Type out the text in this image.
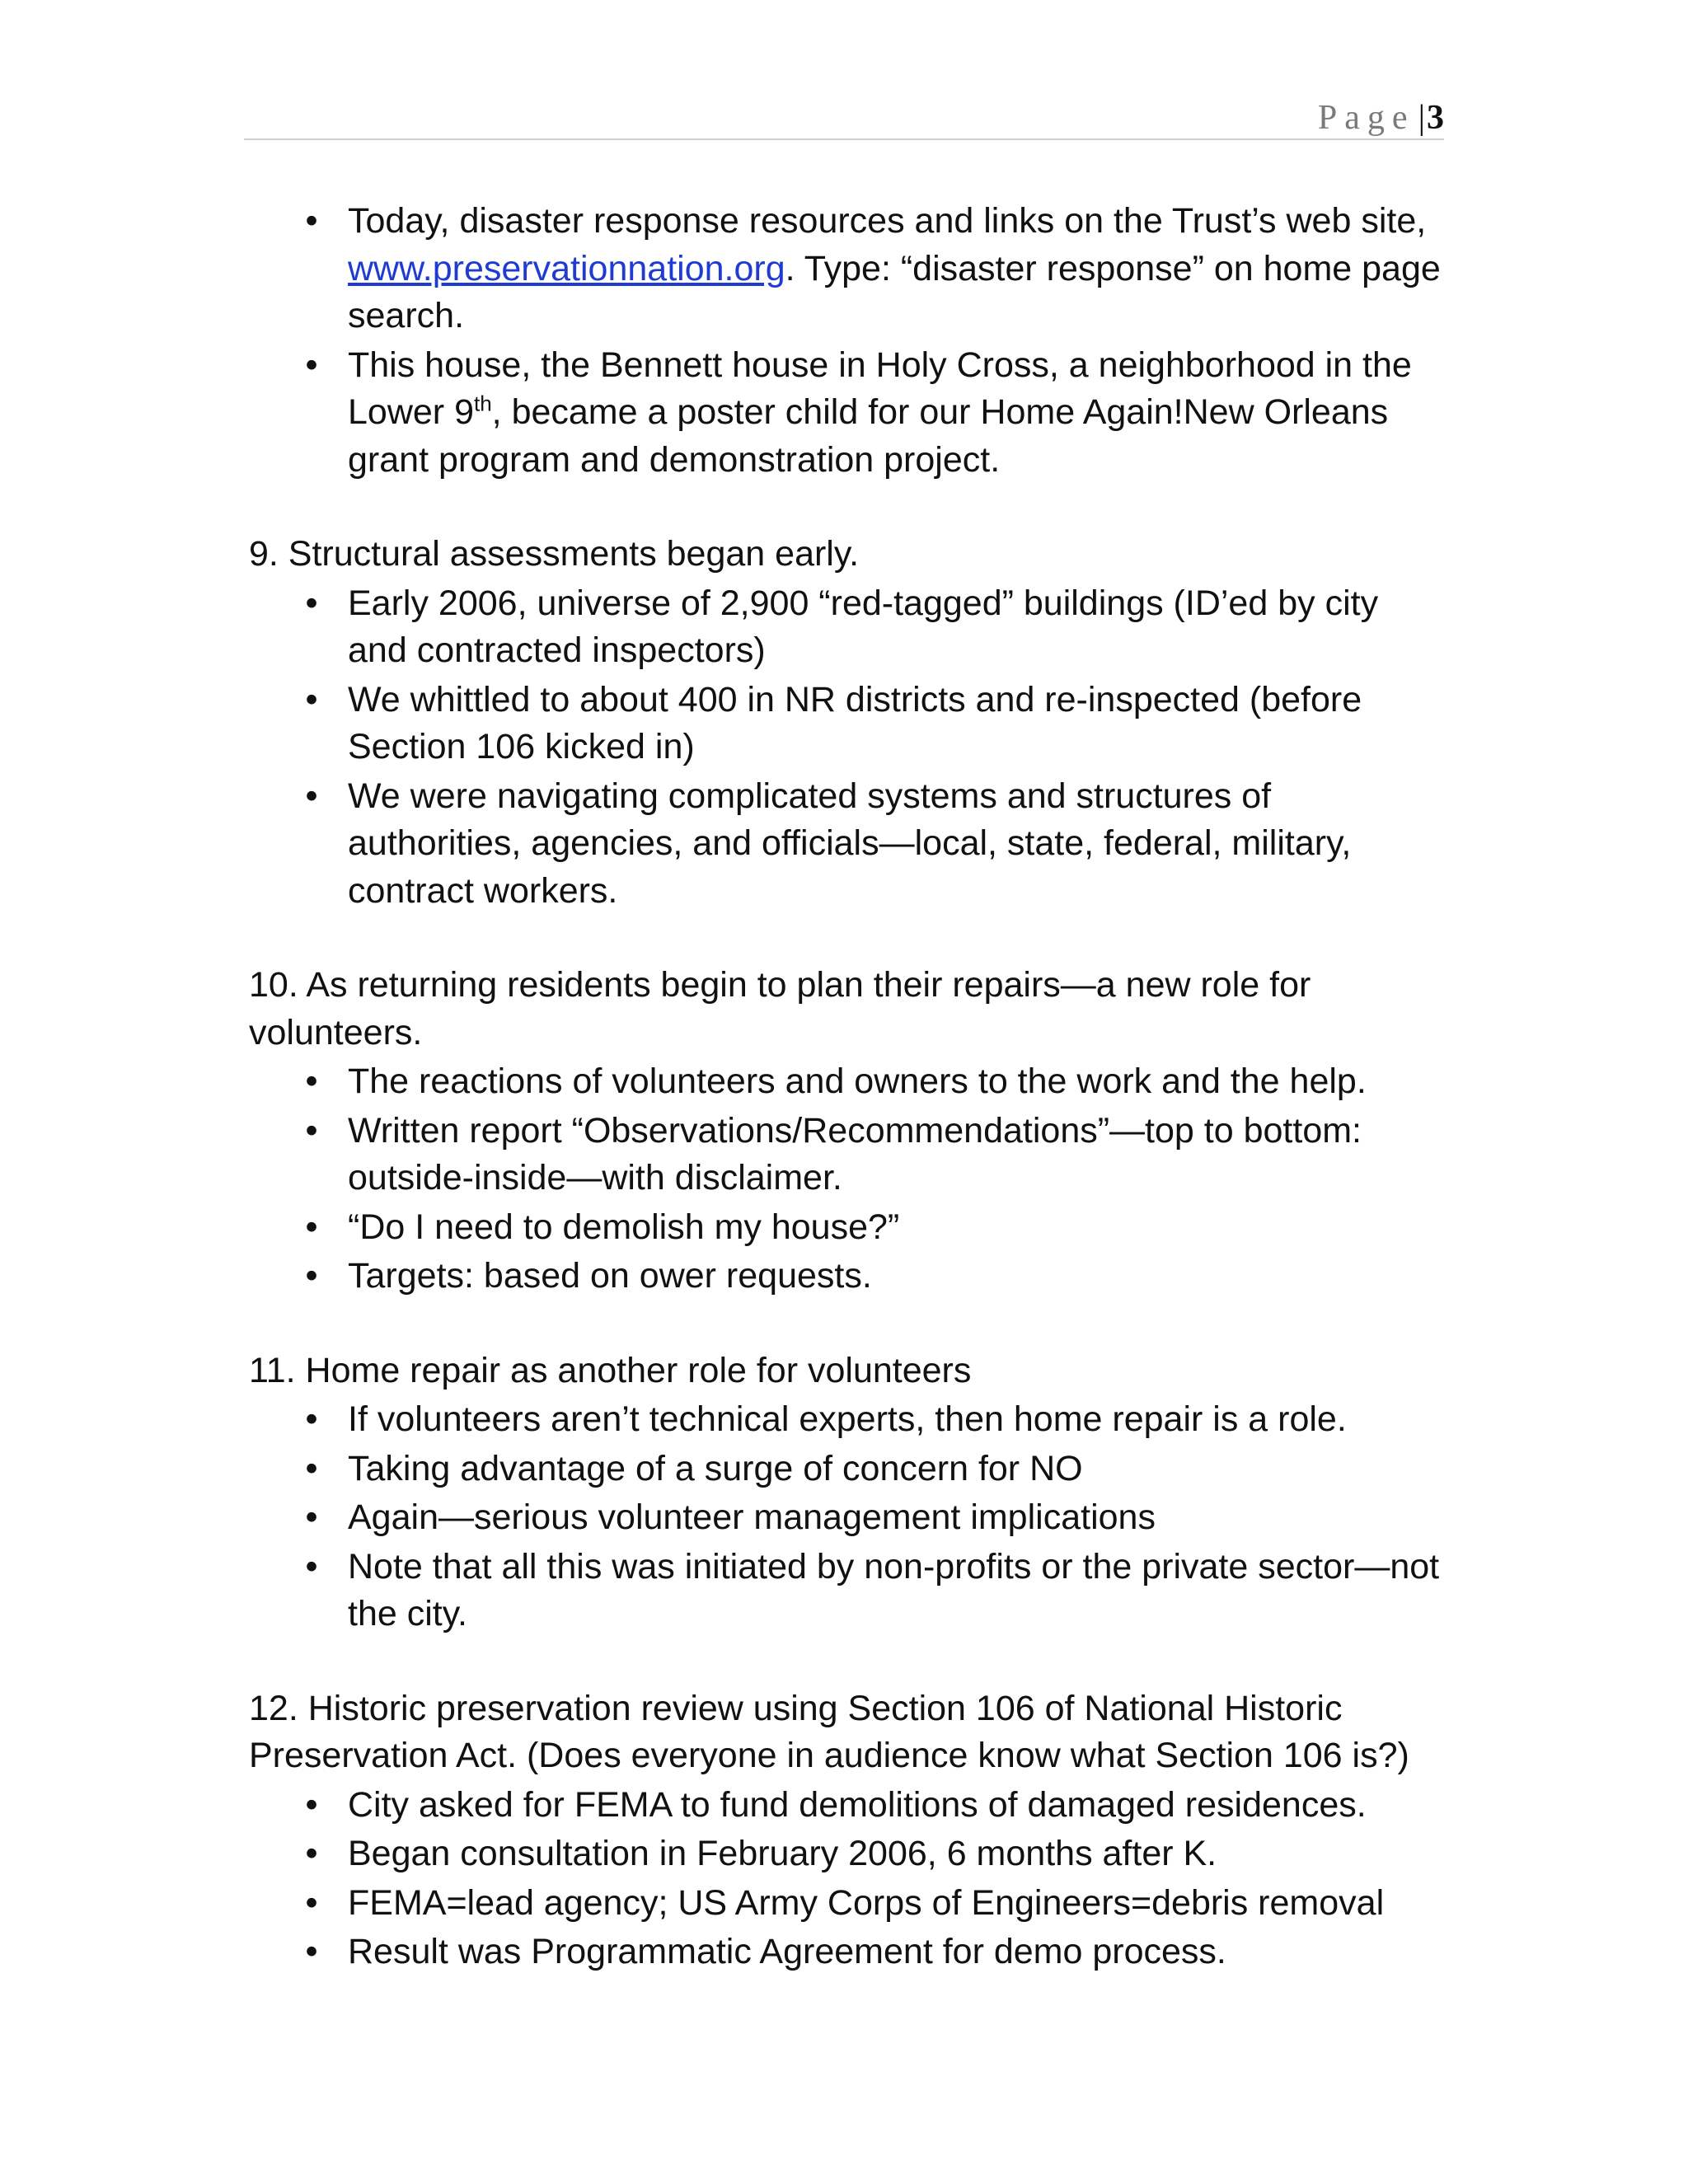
Page|3
• Today, disaster response resources and links on the Trust’s web site, www.preservationnation.org. Type: “disaster response” on home page search.
• This house, the Bennett house in Holy Cross, a neighborhood in the Lower 9th, became a poster child for our Home Again!New Orleans grant program and demonstration project.
9. Structural assessments began early.
• Early 2006, universe of 2,900 “red-tagged” buildings (ID’ed by city and contracted inspectors)
• We whittled to about 400 in NR districts and re-inspected (before Section 106 kicked in)
• We were navigating complicated systems and structures of authorities, agencies, and officials—local, state, federal, military, contract workers.
10. As returning residents begin to plan their repairs—a new role for volunteers.
• The reactions of volunteers and owners to the work and the help.
• Written report “Observations/Recommendations”—top to bottom: outside-inside—with disclaimer.
• “Do I need to demolish my house?”
• Targets: based on ower requests.
11. Home repair as another role for volunteers
• If volunteers aren’t technical experts, then home repair is a role.
• Taking advantage of a surge of concern for NO
• Again—serious volunteer management implications
• Note that all this was initiated by non-profits or the private sector—not the city.
12. Historic preservation review using Section 106 of National Historic Preservation Act. (Does everyone in audience know what Section 106 is?)
• City asked for FEMA to fund demolitions of damaged residences.
• Began consultation in February 2006, 6 months after K.
• FEMA=lead agency; US Army Corps of Engineers=debris removal
• Result was Programmatic Agreement for demo process.
